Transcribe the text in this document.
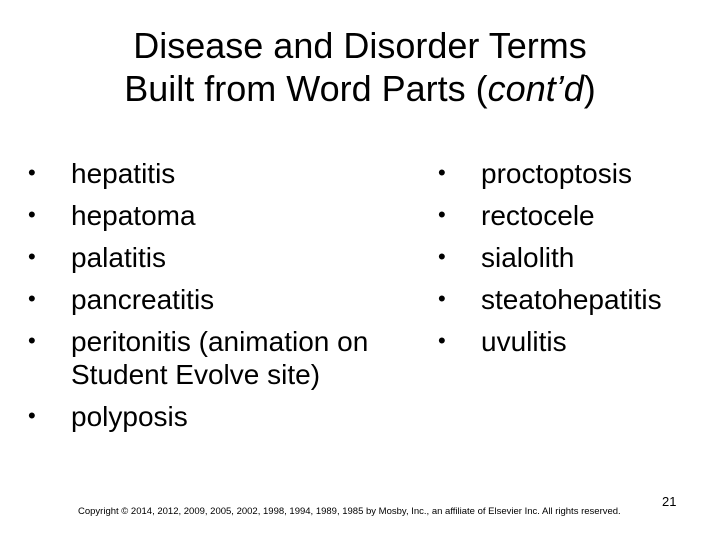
Disease and Disorder Terms
Built from Word Parts (cont’d)
•	hepatitis
•	hepatoma
•	palatitis
•	pancreatitis
•	peritonitis (animation on Student Evolve site)
•	polyposis
•	proctoptosis
•	rectocele
•	sialolith
•	steatohepatitis
•	uvulitis
Copyright © 2014, 2012, 2009, 2005, 2002, 1998, 1994, 1989, 1985 by Mosby, Inc., an affiliate of Elsevier Inc. All rights reserved.
21
